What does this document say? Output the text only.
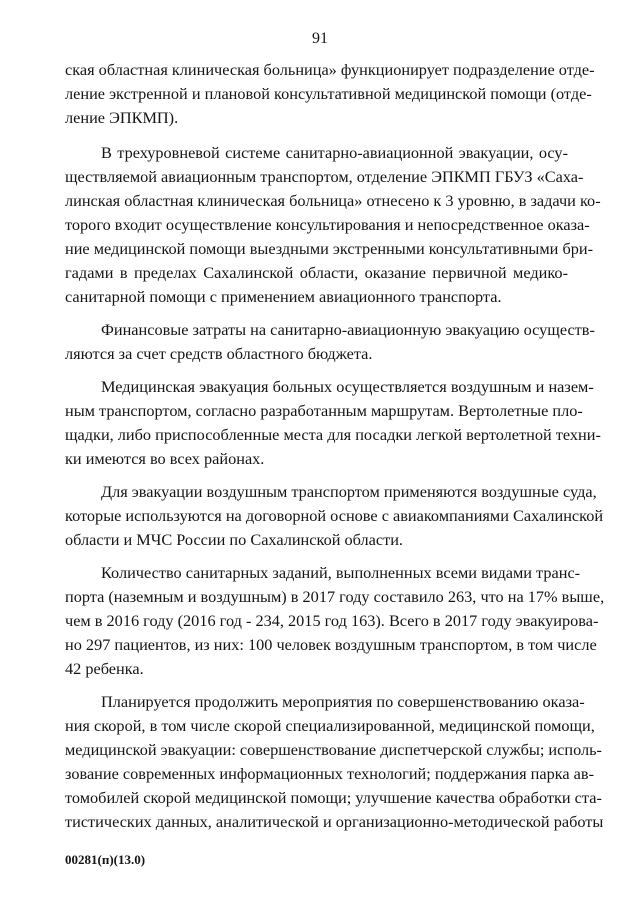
91
ская областная клиническая больница» функционирует подразделение отде-
ление экстренной и плановой консультативной медицинской помощи (отде-
ление ЭПКМП).
В трехуровневой системе санитарно-авиационной эвакуации, осу-
ществляемой авиационным транспортом, отделение ЭПКМП ГБУЗ «Саха-
линская областная клиническая больница» отнесено к 3 уровню, в задачи ко-
торого входит осуществление консультирования и непосредственное оказа-
ние медицинской помощи выездными экстренными консультативными бри-
гадами в пределах Сахалинской области, оказание первичной медико-
санитарной помощи с применением авиационного транспорта.
Финансовые затраты на санитарно-авиационную эвакуацию осуществ-
ляются за счет средств областного бюджета.
Медицинская эвакуация больных осуществляется воздушным и назем-
ным транспортом, согласно разработанным маршрутам. Вертолетные пло-
щадки, либо приспособленные места для посадки легкой вертолетной техни-
ки имеются во всех районах.
Для эвакуации воздушным транспортом применяются воздушные суда,
которые используются на договорной основе с авиакомпаниями Сахалинской
области и МЧС России по Сахалинской области.
Количество санитарных заданий, выполненных всеми видами транс-
порта (наземным и воздушным) в 2017 году составило 263, что на 17% выше,
чем в 2016 году (2016 год - 234, 2015 год 163). Всего в 2017 году эвакуирова-
но 297 пациентов, из них: 100 человек воздушным транспортом, в том числе
42 ребенка.
Планируется продолжить мероприятия по совершенствованию оказа-
ния скорой, в том числе скорой специализированной, медицинской помощи,
медицинской эвакуации: совершенствование диспетчерской службы; исполь-
зование современных информационных технологий; поддержания парка ав-
томобилей скорой медицинской помощи; улучшение качества обработки ста-
тистических данных, аналитической и организационно-методической работы
00281(п)(13.0)
